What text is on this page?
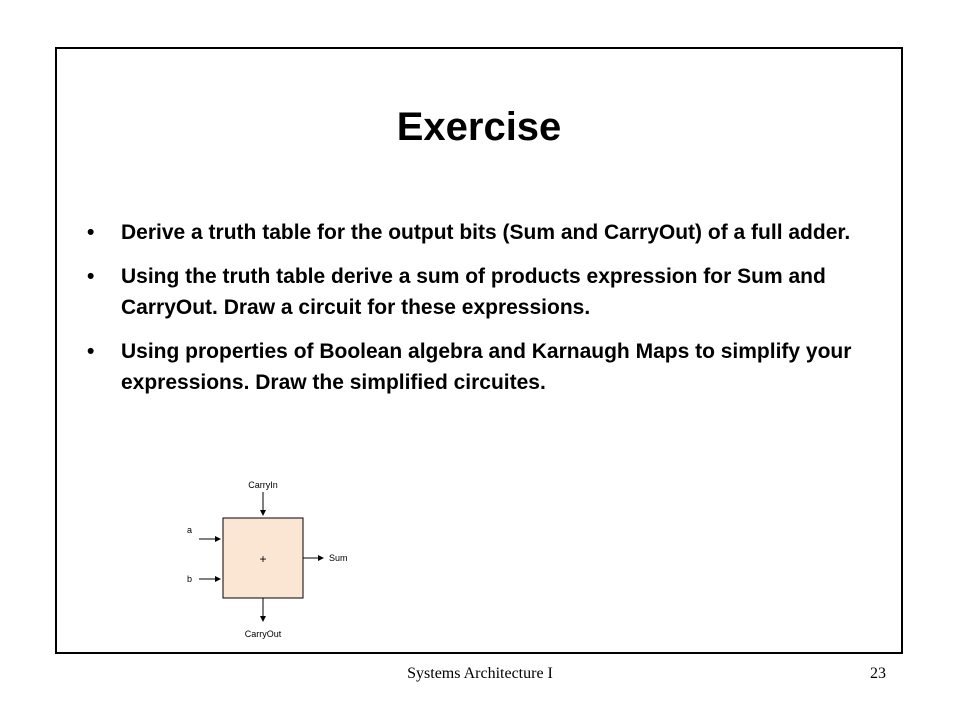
Exercise
• Derive a truth table for the output bits (Sum and CarryOut) of a full adder.
• Using the truth table derive a sum of products expression for Sum and CarryOut. Draw a circuit for these expressions.
• Using properties of Boolean algebra and Karnaugh Maps to simplify your expressions. Draw the simplified circuites.
CarryIn
+
a
b
Sum
CarryOut
Systems Architecture I	23
